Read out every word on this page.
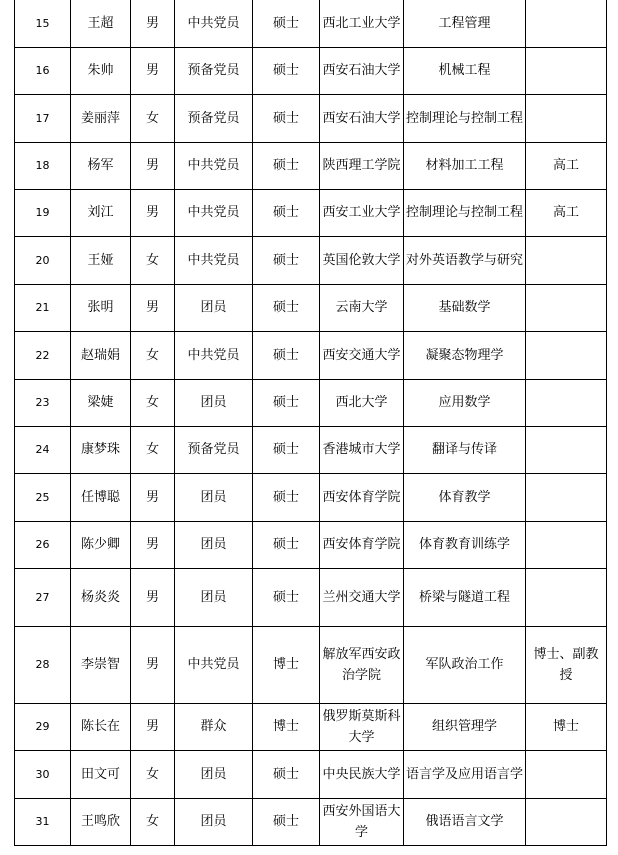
15	王超	男	中共党员	硕士	西北工业大学	工程管理	
16	朱帅	男	预备党员	硕士	西安石油大学	机械工程	
17	姜丽萍	女	预备党员	硕士	西安石油大学	控制理论与控制工程	
18	杨军	男	中共党员	硕士	陕西理工学院	材料加工工程	高工
19	刘江	男	中共党员	硕士	西安工业大学	控制理论与控制工程	高工
20	王娅	女	中共党员	硕士	英国伦敦大学	对外英语教学与研究	
21	张明	男	团员	硕士	云南大学	基础数学	
22	赵瑞娟	女	中共党员	硕士	西安交通大学	凝聚态物理学	
23	梁婕	女	团员	硕士	西北大学	应用数学	
24	康梦珠	女	预备党员	硕士	香港城市大学	翻译与传译	
25	任博聪	男	团员	硕士	西安体育学院	体育教学	
26	陈少卿	男	团员	硕士	西安体育学院	体育教育训练学	
27	杨炎炎	男	团员	硕士	兰州交通大学	桥梁与隧道工程	
28	李崇智	男	中共党员	博士	解放军西安政治学院	军队政治工作	博士、副教授
29	陈长在	男	群众	博士	俄罗斯莫斯科大学	组织管理学	博士
30	田文可	女	团员	硕士	中央民族大学	语言学及应用语言学	
31	王鸣欣	女	团员	硕士	西安外国语大学	俄语语言文学	
